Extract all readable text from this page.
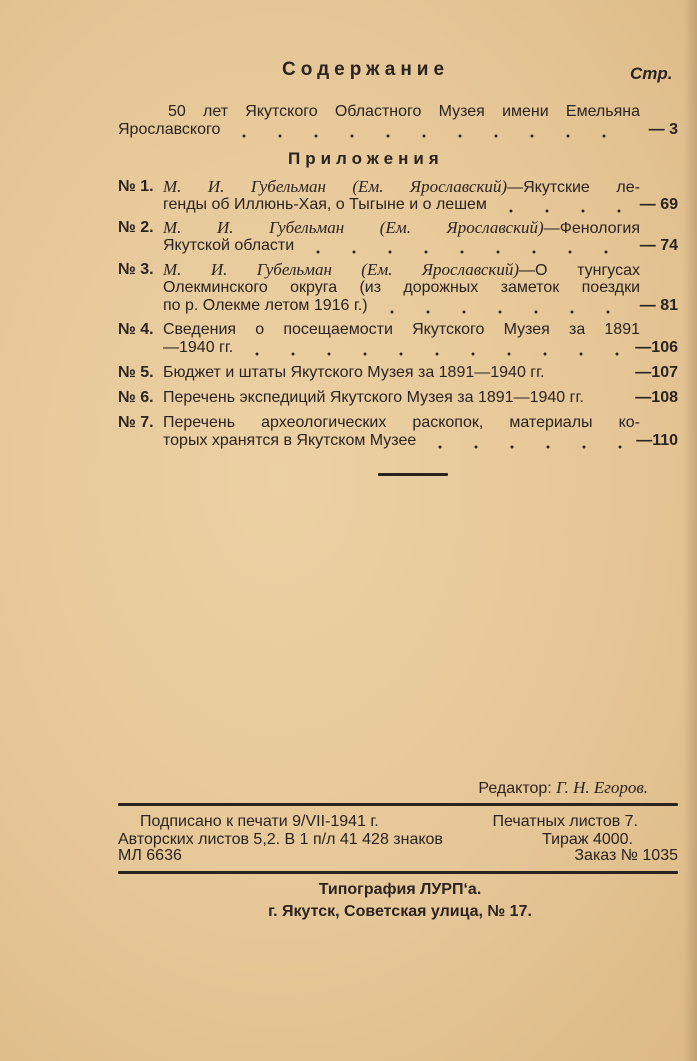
Содержание	Стр.
50 лет Якутского Областного Музея имени Емельяна
Ярославского	— 3
Приложения
№ 1. М. И. Губельман (Ем. Ярославский)—Якутские ле-
генды об Иллюнь-Хая, о Тыгыне и о лешем	— 69
№ 2. М. И. Губельман (Ем. Ярославский)—Фенология
Якутской области	— 74
№ 3. М. И. Губельман (Ем. Ярославский)—О тунгусах
Олекминского округа (из дорожных заметок поездки
по р. Олекме летом 1916 г.)	— 81
№ 4. Сведения о посещаемости Якутского Музея за 1891
—1940 гг.	—106
№ 5. Бюджет и штаты Якутского Музея за 1891—1940 гг.	—107
№ 6. Перечень экспедиций Якутского Музея за 1891—1940 гг.	—108
№ 7. Перечень археологических раскопок, материалы ко-
торых хранятся в Якутском Музее	—110
Редактор: Г. Н. Егоров.
Подписано к печати 9/VII-1941 г.	Печатных листов 7.
Авторских листов 5,2. В 1 п/л 41 428 знаков	Тираж 4000.
МЛ 6636	Заказ № 1035
Типография ЛУРП‘а.
г. Якутск, Советская улица, № 17.
